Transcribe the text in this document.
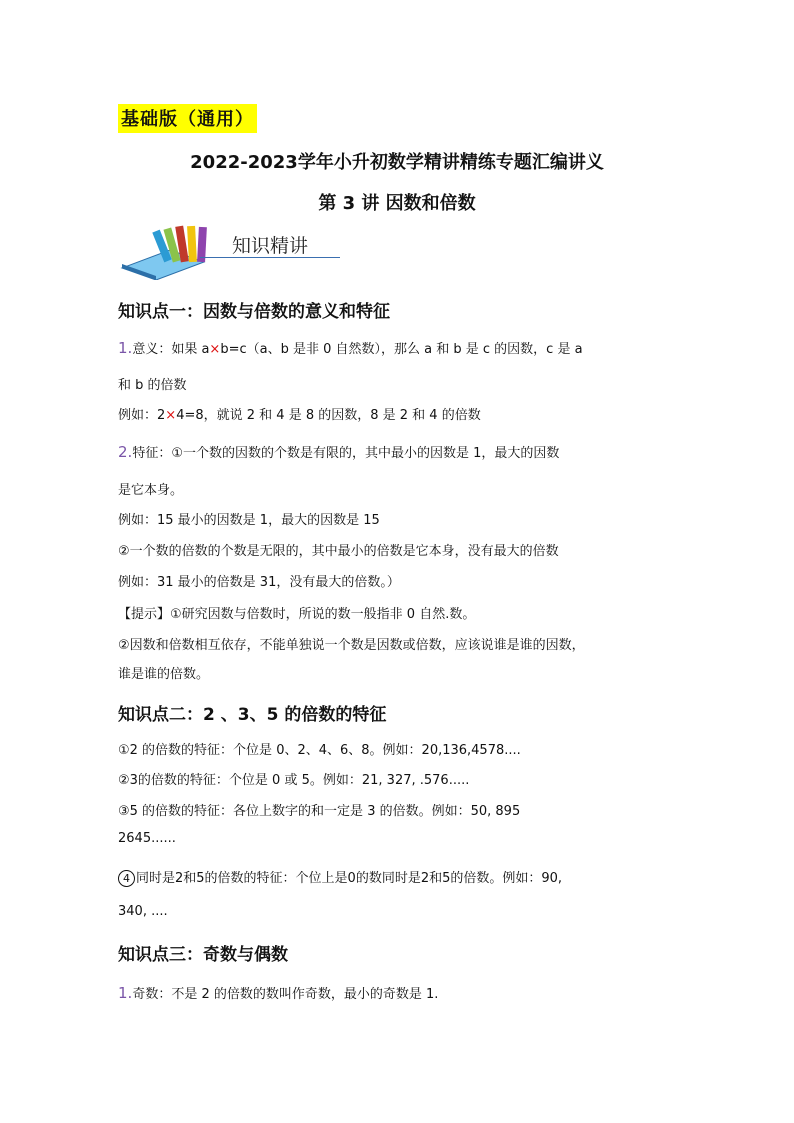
基础版（通用）
2022-2023学年小升初数学精讲精练专题汇编讲义
第 3 讲 因数和倍数
知识精讲
知识点一：因数与倍数的意义和特征
1.意义：如果 a×b=c（a、b 是非 0 自然数），那么 a 和 b 是 c 的因数，c 是 a
和 b 的倍数
例如：2×4=8，就说 2 和 4 是 8 的因数，8 是 2 和 4 的倍数
2.特征：①一个数的因数的个数是有限的，其中最小的因数是 1，最大的因数
是它本身。
例如：15 最小的因数是 1，最大的因数是 15
②一个数的倍数的个数是无限的，其中最小的倍数是它本身，没有最大的倍数
例如：31 最小的倍数是 31，没有最大的倍数。）
【提示】①研究因数与倍数时，所说的数一般指非 0 自然.数。
②因数和倍数相互依存，不能单独说一个数是因数或倍数，应该说谁是谁的因数，
谁是谁的倍数。
知识点二：2 、3、5 的倍数的特征
①2 的倍数的特征：个位是 0、2、4、6、8。例如：20,136,4578....
②3的倍数的特征：个位是 0 或 5。例如：21, 327, .576.....
③5 的倍数的特征：各位上数字的和一定是 3 的倍数。例如：50, 895
2645......
4 同时是2和5的倍数的特征：个位上是0的数同时是2和5的倍数。例如：90,
340, ....
知识点三：奇数与偶数
1.奇数：不是 2 的倍数的数叫作奇数，最小的奇数是 1.
